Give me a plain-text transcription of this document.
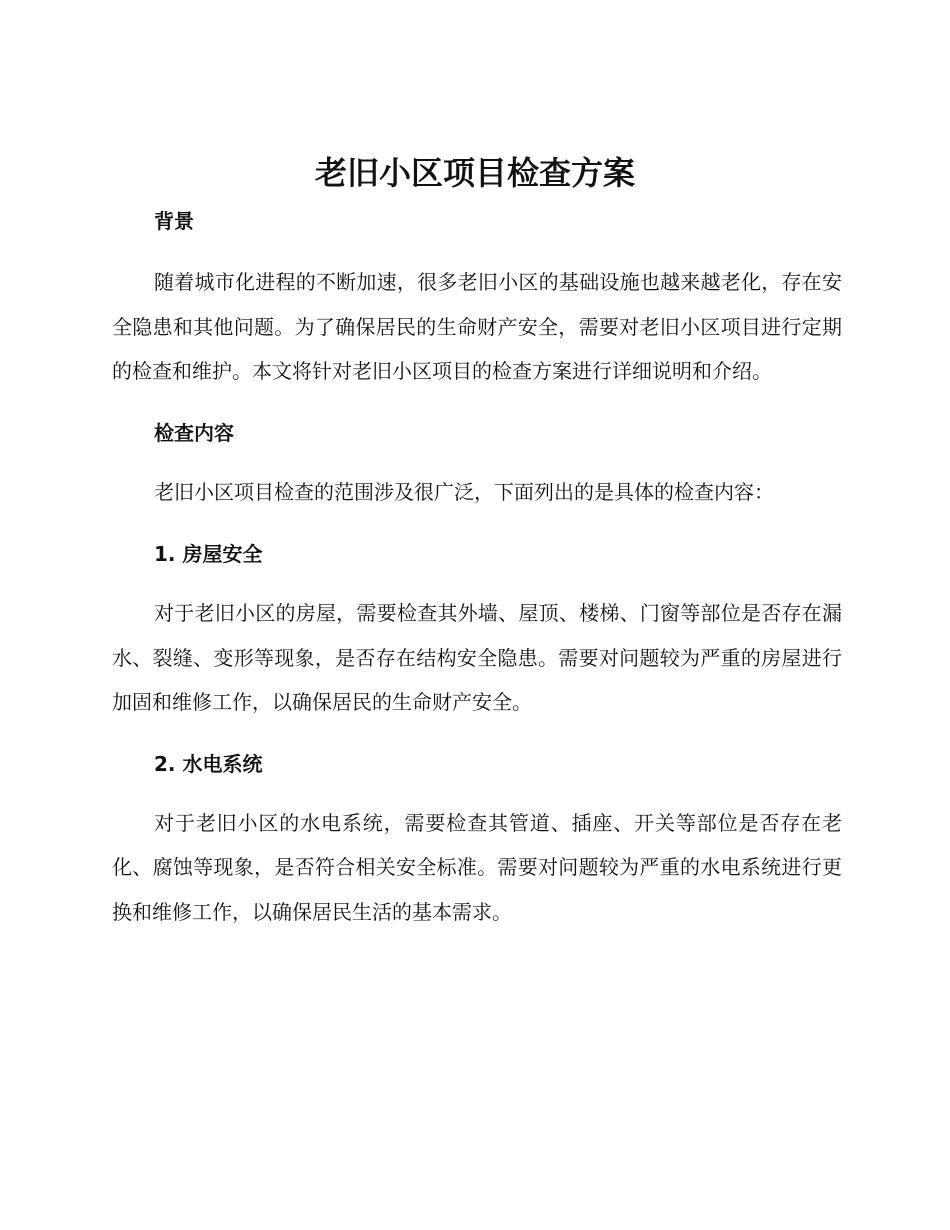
老旧小区项目检查方案

背景

随着城市化进程的不断加速，很多老旧小区的基础设施也越来越老化，存在安全隐患和其他问题。为了确保居民的生命财产安全，需要对老旧小区项目进行定期的检查和维护。本文将针对老旧小区项目的检查方案进行详细说明和介绍。

检查内容

老旧小区项目检查的范围涉及很广泛，下面列出的是具体的检查内容：

1. 房屋安全

对于老旧小区的房屋，需要检查其外墙、屋顶、楼梯、门窗等部位是否存在漏水、裂缝、变形等现象，是否存在结构安全隐患。需要对问题较为严重的房屋进行加固和维修工作，以确保居民的生命财产安全。

2. 水电系统

对于老旧小区的水电系统，需要检查其管道、插座、开关等部位是否存在老化、腐蚀等现象，是否符合相关安全标准。需要对问题较为严重的水电系统进行更换和维修工作，以确保居民生活的基本需求。
